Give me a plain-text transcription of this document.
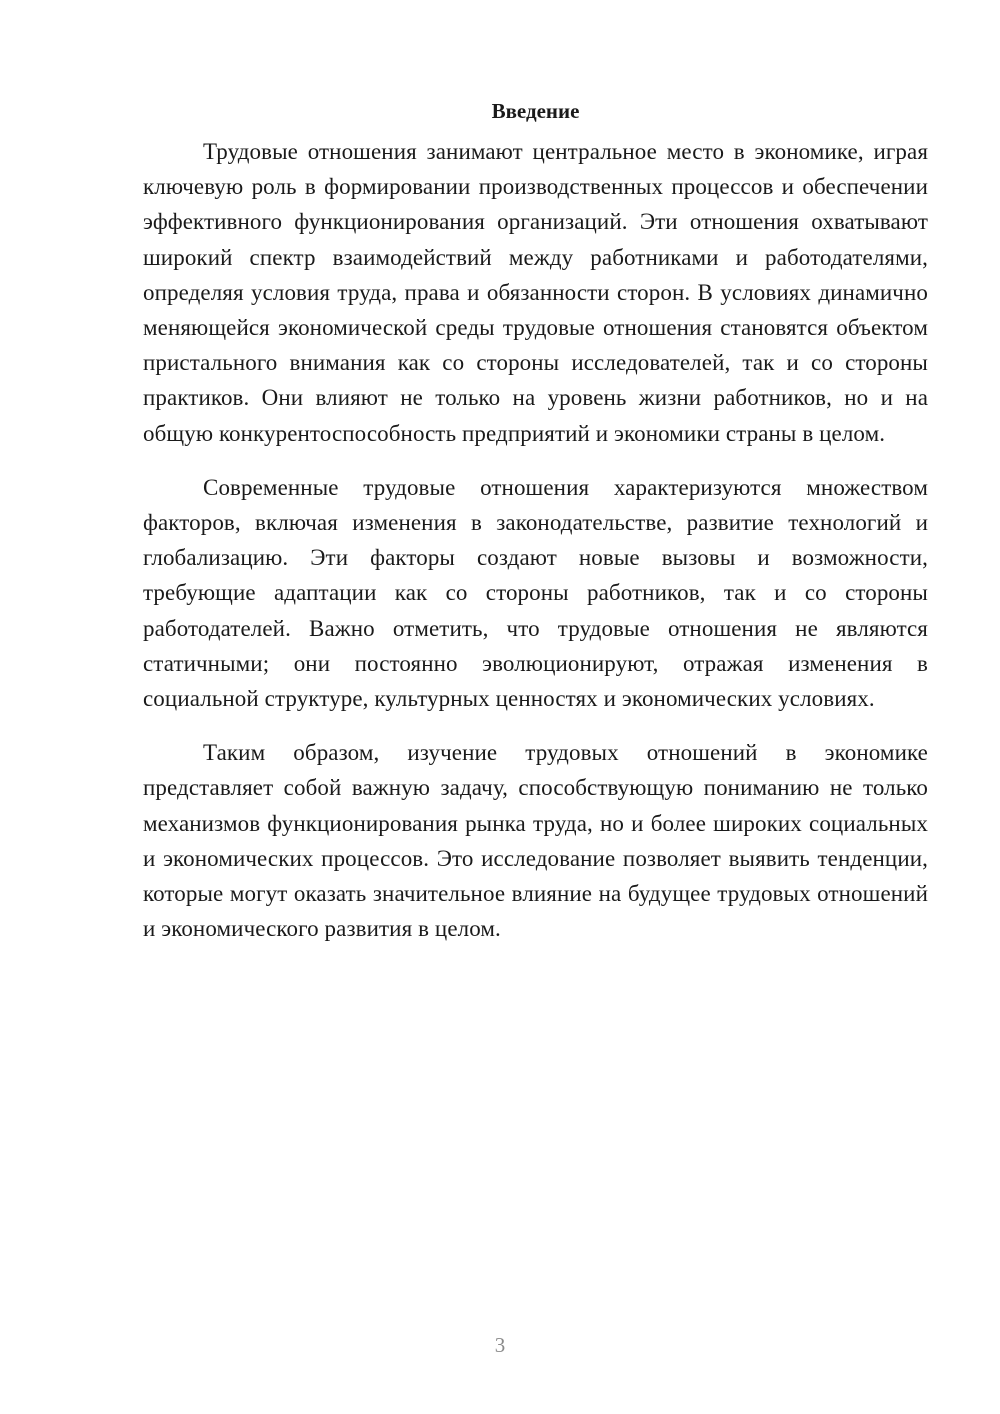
Введение

Трудовые отношения занимают центральное место в экономике, играя ключевую роль в формировании производственных процессов и обеспечении эффективного функционирования организаций. Эти отношения охватывают широкий спектр взаимодействий между работниками и работодателями, определяя условия труда, права и обязанности сторон. В условиях динамично меняющейся экономической среды трудовые отношения становятся объектом пристального внимания как со стороны исследователей, так и со стороны практиков. Они влияют не только на уровень жизни работников, но и на общую конкурентоспособность предприятий и экономики страны в целом.

Современные трудовые отношения характеризуются множеством факторов, включая изменения в законодательстве, развитие технологий и глобализацию. Эти факторы создают новые вызовы и возможности, требующие адаптации как со стороны работников, так и со стороны работодателей. Важно отметить, что трудовые отношения не являются статичными; они постоянно эволюционируют, отражая изменения в социальной структуре, культурных ценностях и экономических условиях.

Таким образом, изучение трудовых отношений в экономике представляет собой важную задачу, способствующую пониманию не только механизмов функционирования рынка труда, но и более широких социальных и экономических процессов. Это исследование позволяет выявить тенденции, которые могут оказать значительное влияние на будущее трудовых отношений и экономического развития в целом.

3
